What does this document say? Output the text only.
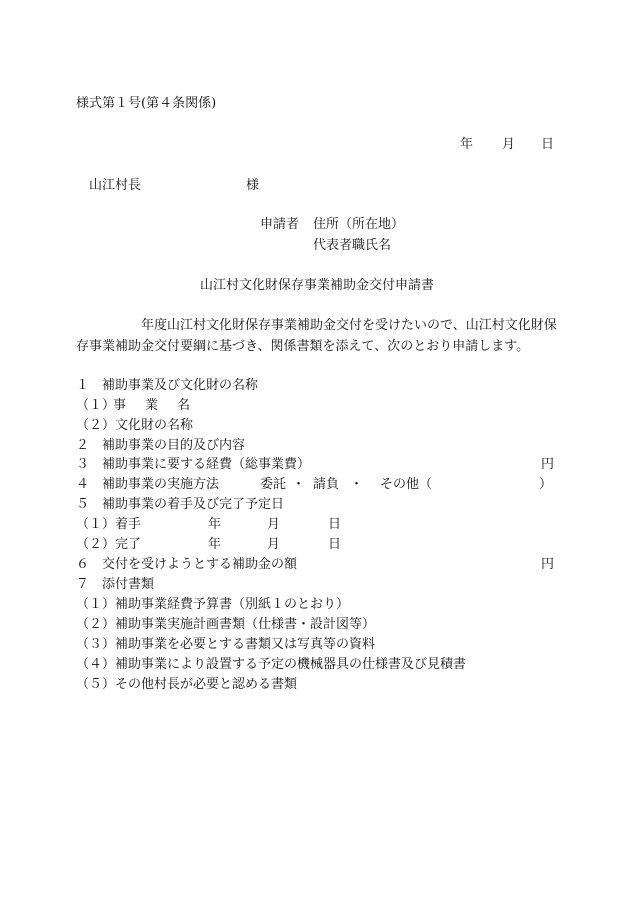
様式第１号(第４条関係)
年 月 日
山江村長	様
申請者 住所（所在地）
代表者職氏名
山江村文化財保存事業補助金交付申請書
年度山江村文化財保存事業補助金交付を受けたいので、山江村文化財保
存事業補助金交付要綱に基づき、関係書類を添えて、次のとおり申請します。
１　補助事業及び文化財の名称
（１）
事 業 名
（２）文化財の名称
２　補助事業の目的及び内容
３　補助事業に要する経費（総事業費）	円
４　補助事業の実施方法	委託 ・ 請負 ・ その他（	）
５　補助事業の着手及び完了予定日
（１）着手	年	月	日
（２）完了	年	月	日
６　交付を受けようとする補助金の額	円
７　添付書類
（１）補助事業経費予算書（別紙１のとおり）
（２）補助事業実施計画書類（仕様書・設計図等）
（３）補助事業を必要とする書類又は写真等の資料
（４）補助事業により設置する予定の機械器具の仕様書及び見積書
（５）その他村長が必要と認める書類
